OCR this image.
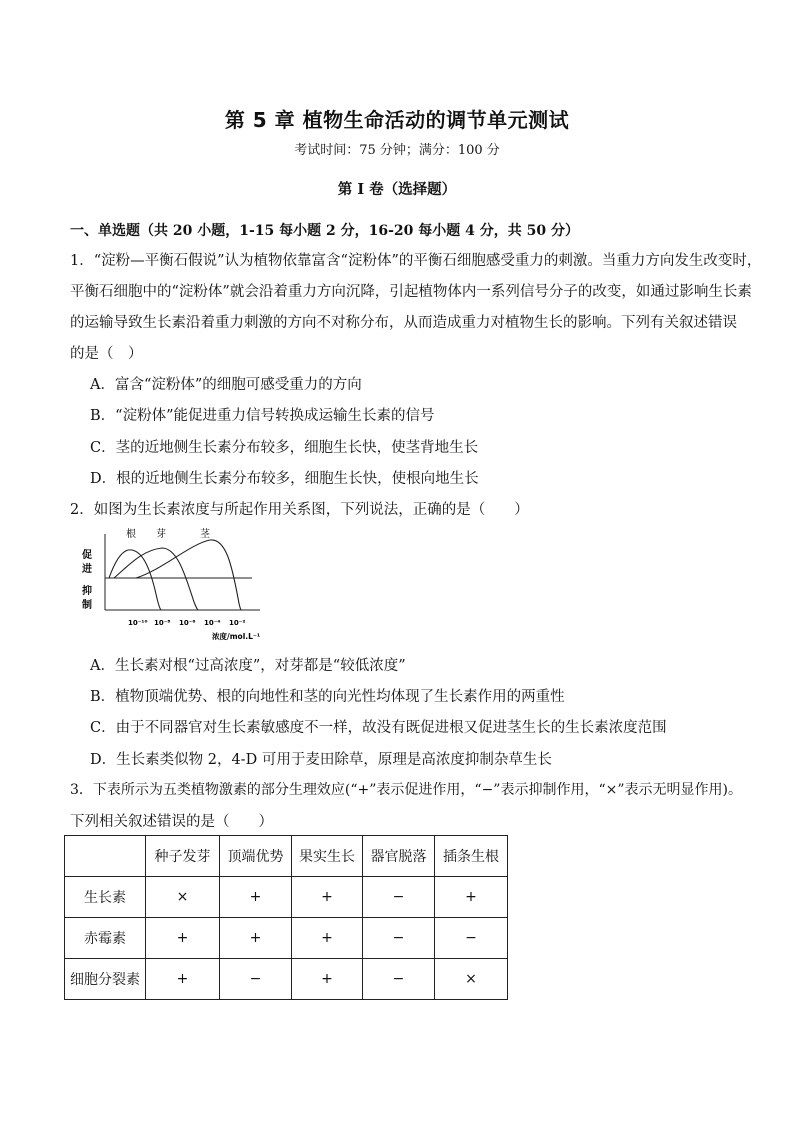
第 5 章 植物生命活动的调节单元测试
考试时间：75 分钟；满分：100 分
第 I 卷（选择题）
一、单选题（共 20 小题，1-15 每小题 2 分，16-20 每小题 4 分，共 50 分）
1．“淀粉—平衡石假说”认为植物依靠富含“淀粉体”的平衡石细胞感受重力的刺激。当重力方向发生改变时，
平衡石细胞中的“淀粉体”就会沿着重力方向沉降，引起植物体内一系列信号分子的改变，如通过影响生长素
的运输导致生长素沿着重力刺激的方向不对称分布，从而造成重力对植物生长的影响。下列有关叙述错误
的是（　）
A．富含“淀粉体”的细胞可感受重力的方向
B．“淀粉体”能促进重力信号转换成运输生长素的信号
C．茎的近地侧生长素分布较多，细胞生长快，使茎背地生长
D．根的近地侧生长素分布较多，细胞生长快，使根向地生长
2．如图为生长素浓度与所起作用关系图，下列说法，正确的是（　　）
根 芽	茎
促
进
抑
制
10⁻¹⁰ 10⁻⁸ 10⁻⁶ 10⁻⁴ 10⁻²
浓度/mol.L⁻¹
A．生长素对根“过高浓度”，对芽都是“较低浓度”
B．植物顶端优势、根的向地性和茎的向光性均体现了生长素作用的两重性
C．由于不同器官对生长素敏感度不一样，故没有既促进根又促进茎生长的生长素浓度范围
D．生长素类似物 2，4-D 可用于麦田除草，原理是高浓度抑制杂草生长
3．下表所示为五类植物激素的部分生理效应(“+”表示促进作用，“−”表示抑制作用，“×”表示无明显作用)。
下列相关叙述错误的是（　　）
	种子发芽	顶端优势	果实生长	器官脱落	插条生根
生长素	×	+	+	−	+
赤霉素	+	+	+	−	−
细胞分裂素	+	−	+	−	×
